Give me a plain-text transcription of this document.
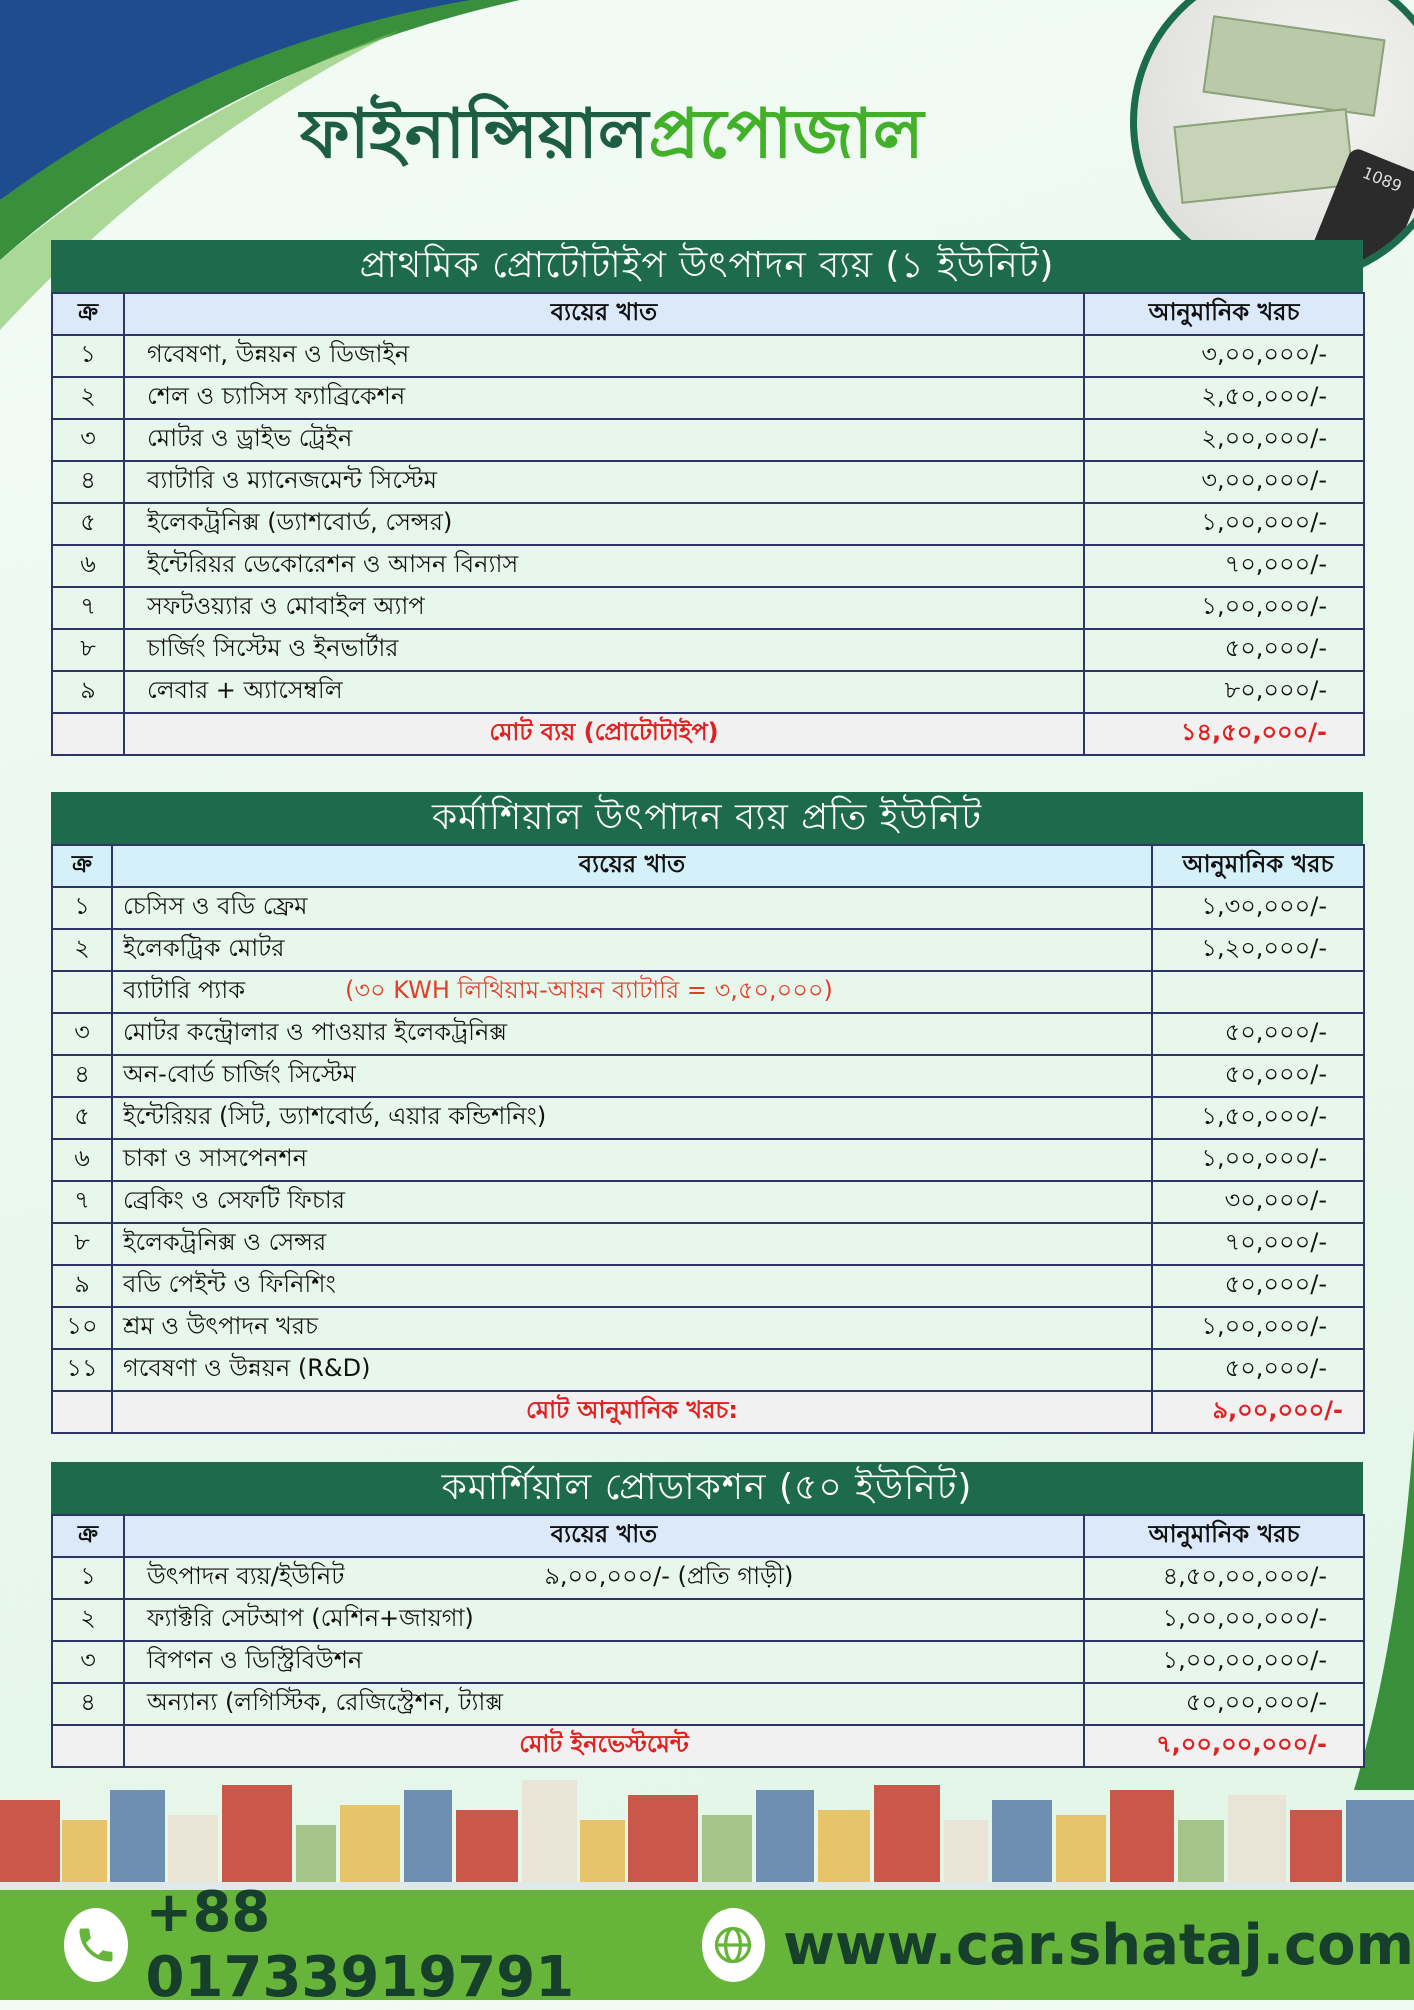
1089
ফাইনান্সিয়ালপ্রপোজাল
প্রাথমিক প্রোটোটাইপ উৎপাদন ব্যয় (১ ইউনিট)
ক্র	ব্যয়ের খাত	আনুমানিক খরচ
১	গবেষণা, উন্নয়ন ও ডিজাইন	৩,০০,০০০/-
২	শেল ও চ্যাসিস ফ্যাব্রিকেশন	২,৫০,০০০/-
৩	মোটর ও ড্রাইভ ট্রেইন	২,০০,০০০/-
৪	ব্যাটারি ও ম্যানেজমেন্ট সিস্টেম	৩,০০,০০০/-
৫	ইলেকট্রনিক্স (ড্যাশবোর্ড, সেন্সর)	১,০০,০০০/-
৬	ইন্টেরিয়র ডেকোরেশন ও আসন বিন্যাস	৭০,০০০/-
৭	সফটওয়্যার ও মোবাইল অ্যাপ	১,০০,০০০/-
৮	চার্জিং সিস্টেম ও ইনভার্টার	৫০,০০০/-
৯	লেবার + অ্যাসেম্বলি	৮০,০০০/-
	মোট ব্যয় (প্রোটোটাইপ)	১৪,৫০,০০০/-
কর্মাশিয়াল উৎপাদন ব্যয় প্রতি ইউনিট
ক্র	ব্যয়ের খাত	আনুমানিক খরচ
১	চেসিস ও বডি ফ্রেম	১,৩০,০০০/-
২	ইলেকট্রিক মোটর	১,২০,০০০/-
	ব্যাটারি প্যাক (৩০ KWH লিথিয়াম-আয়ন ব্যাটারি = ৩,৫০,০০০)	
৩	মোটর কন্ট্রোলার ও পাওয়ার ইলেকট্রনিক্স	৫০,০০০/-
৪	অন-বোর্ড চার্জিং সিস্টেম	৫০,০০০/-
৫	ইন্টেরিয়র (সিট, ড্যাশবোর্ড, এয়ার কন্ডিশনিং)	১,৫০,০০০/-
৬	চাকা ও সাসপেনশন	১,০০,০০০/-
৭	ব্রেকিং ও সেফটি ফিচার	৩০,০০০/-
৮	ইলেকট্রনিক্স ও সেন্সর	৭০,০০০/-
৯	বডি পেইন্ট ও ফিনিশিং	৫০,০০০/-
১০	শ্রম ও উৎপাদন খরচ	১,০০,০০০/-
১১	গবেষণা ও উন্নয়ন (R&D)	৫০,০০০/-
	মোট আনুমানিক খরচ:	৯,০০,০০০/-
কমার্শিয়াল প্রোডাকশন (৫০ ইউনিট)
ক্র	ব্যয়ের খাত	আনুমানিক খরচ
১	উৎপাদন ব্যয়/ইউনিট ৯,০০,০০০/- (প্রতি গাড়ী)	৪,৫০,০০,০০০/-
২	ফ্যাক্টরি সেটআপ (মেশিন+জায়গা)	১,০০,০০,০০০/-
৩	বিপণন ও ডিস্ট্রিবিউশন	১,০০,০০,০০০/-
৪	অন্যান্য (লগিস্টিক, রেজিস্ট্রেশন, ট্যাক্স	৫০,০০,০০০/-
	মোট ইনভেস্টমেন্ট	৭,০০,০০,০০০/-
+88 01733919791	www.car.shataj.com
